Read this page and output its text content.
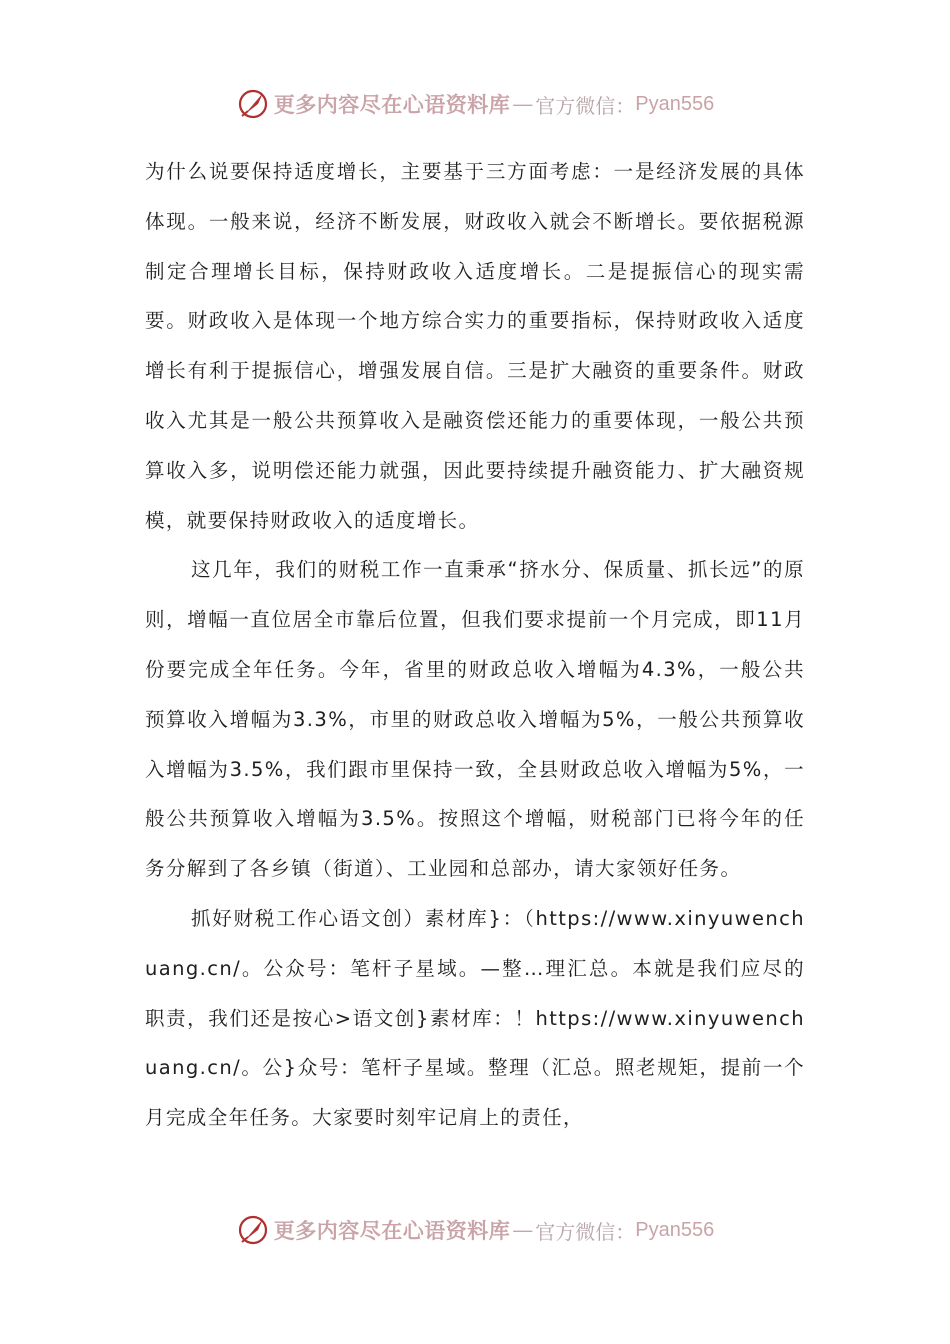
更多内容尽在心语资料库 — 官方微信： Pyan556

为什么说要保持适度增长，主要基于三方面考虑：一是经济发展的具体体现。一般来说，经济不断发展，财政收入就会不断增长。要依据税源制定合理增长目标，保持财政收入适度增长。二是提振信心的现实需要。财政收入是体现一个地方综合实力的重要指标，保持财政收入适度增长有利于提振信心，增强发展自信。三是扩大融资的重要条件。财政收入尤其是一般公共预算收入是融资偿还能力的重要体现，一般公共预算收入多，说明偿还能力就强，因此要持续提升融资能力、扩大融资规模，就要保持财政收入的适度增长。

这几年，我们的财税工作一直秉承“挤水分、保质量、抓长远”的原则，增幅一直位居全市靠后位置，但我们要求提前一个月完成，即11月份要完成全年任务。今年，省里的财政总收入增幅为4.3%，一般公共预算收入增幅为3.3%，市里的财政总收入增幅为5%，一般公共预算收入增幅为3.5%，我们跟市里保持一致，全县财政总收入增幅为5%，一般公共预算收入增幅为3.5%。按照这个增幅，财税部门已将今年的任务分解到了各乡镇（街道）、工业园和总部办，请大家领好任务。

抓好财税工作心语文创）素材库}：（https://www.xinyuwenchuang.cn/。公众号：笔杆子星域。—整…理汇总。本就是我们应尽的职责，我们还是按心>语文创}素材库：！https://www.xinyuwenchuang.cn/。公}众号：笔杆子星域。整理（汇总。照老规矩，提前一个月完成全年任务。大家要时刻牢记肩上的责任，

更多内容尽在心语资料库 — 官方微信： Pyan556
